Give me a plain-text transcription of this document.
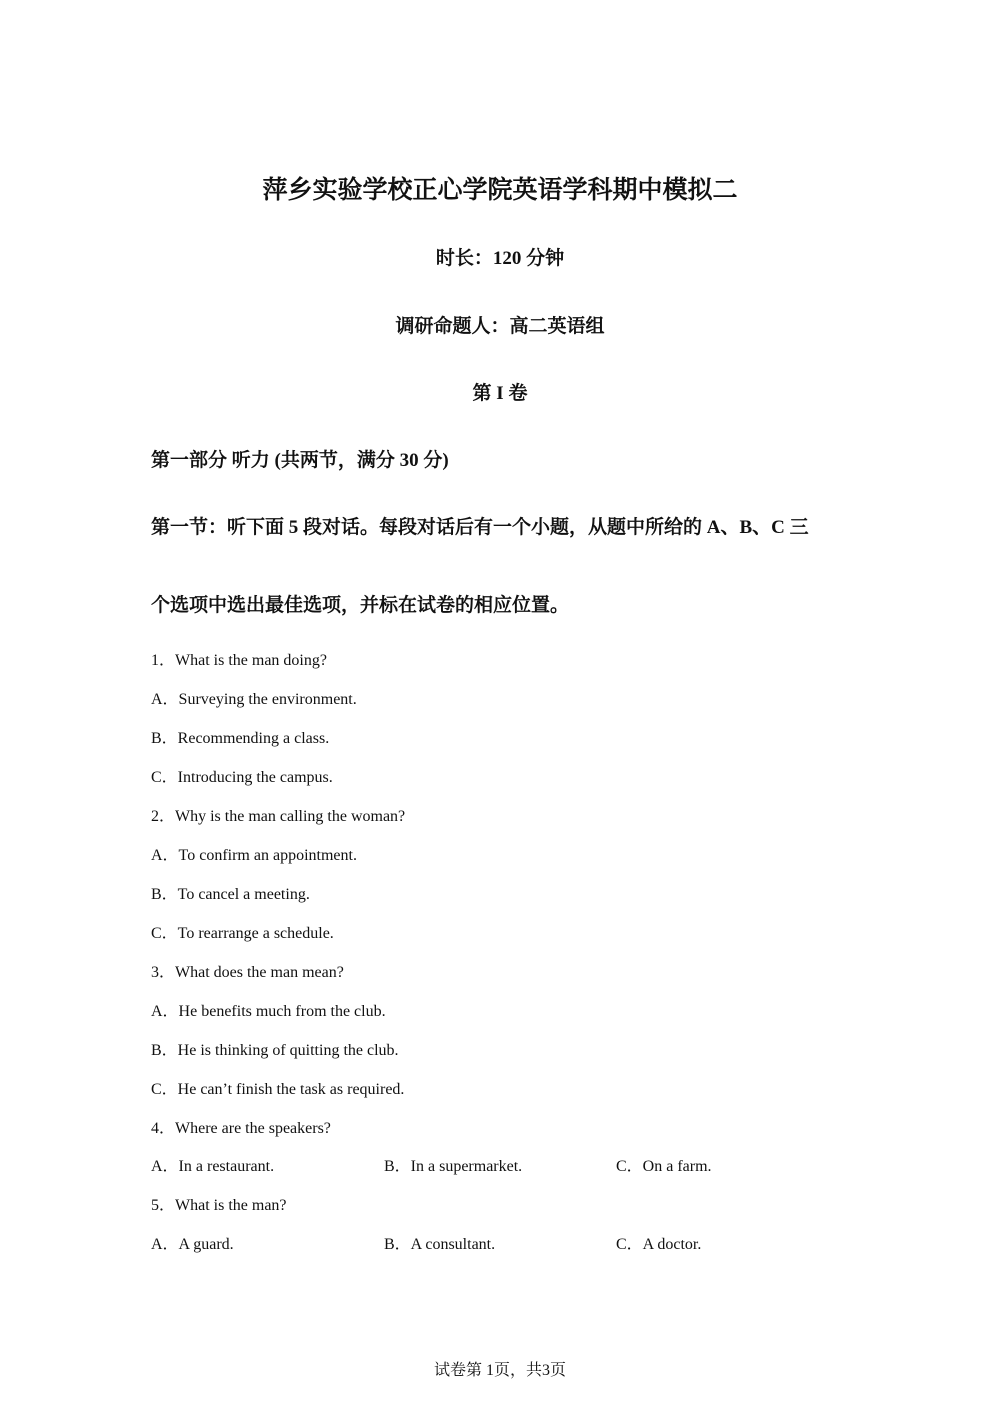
萍乡实验学校正心学院英语学科期中模拟二
时长：120 分钟
调研命题人：高二英语组
第 I 卷
第一部分 听力 (共两节，满分 30 分)
第一节：听下面 5 段对话。每段对话后有一个小题，从题中所给的 A、B、C 三
个选项中选出最佳选项，并标在试卷的相应位置。
1．What is the man doing?
A．Surveying the environment.
B．Recommending a class.
C．Introducing the campus.
2．Why is the man calling the woman?
A．To confirm an appointment.
B．To cancel a meeting.
C．To rearrange a schedule.
3．What does the man mean?
A．He benefits much from the club.
B．He is thinking of quitting the club.
C．He can’t finish the task as required.
4．Where are the speakers?
A．In a restaurant.	B．In a supermarket.	C．On a farm.
5．What is the man?
A．A guard.	B．A consultant.	C．A doctor.
试卷第 1页，共3页
